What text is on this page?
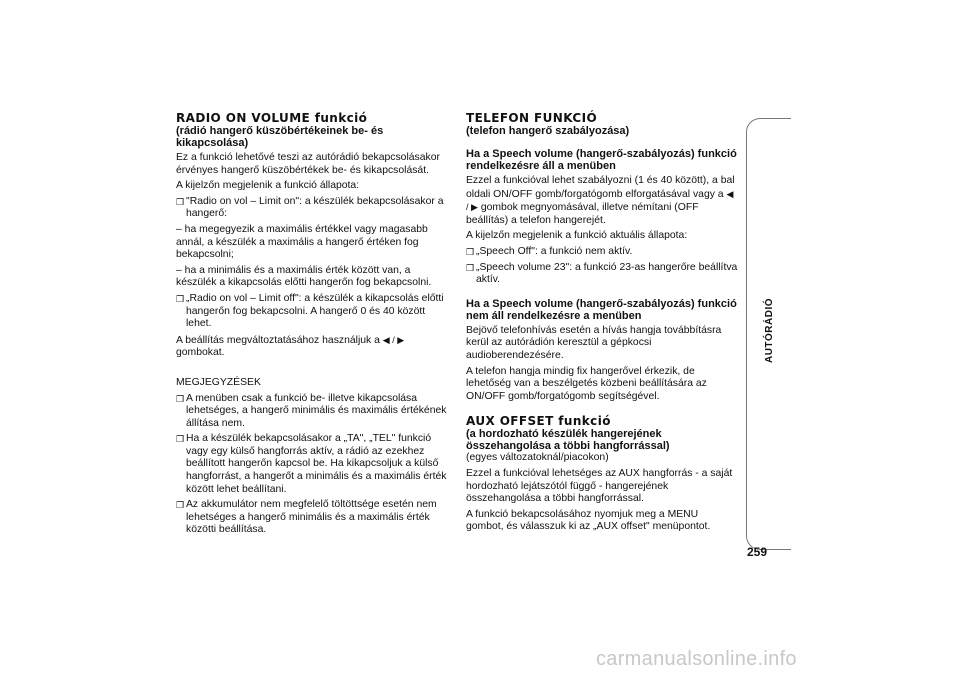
RADIO ON VOLUME funkció
(rádió hangerő küszöbértékeinek be- és
kikapcsolása)

Ez a funkció lehetővé teszi az autórádió bekapcsolásakor érvényes hangerő küszöbértékek be- és kikapcsolását.

A kijelzőn megjelenik a funkció állapota:

❒ "Radio on vol – Limit on": a készülék bekapcsolásakor a hangerő:

– ha megegyezik a maximális értékkel vagy magasabb annál, a készülék a maximális a hangerő értéken fog bekapcsolni;

– ha a minimális és a maximális érték között van, a készülék a kikapcsolás előtti hangerőn fog bekapcsolni.

❒ „Radio on vol – Limit off": a készülék a kikapcsolás előtti hangerőn fog bekapcsolni. A hangerő 0 és 40 között lehet.

A beállítás megváltoztatásához használjuk a ◀ / ▶ gombokat.

MEGJEGYZÉSEK

❒ A menüben csak a funkció be- illetve kikapcsolása lehetséges, a hangerő minimális és maximális értékének állítása nem.
❒ Ha a készülék bekapcsolásakor a „TA", „TEL" funkció vagy egy külső hangforrás aktív, a rádió az ezekhez beállított hangerőn kapcsol be. Ha kikapcsoljuk a külső hangforrást, a hangerőt a minimális és a maximális érték között lehet beállítani.
❒ Az akkumulátor nem megfelelő töltöttsége esetén nem lehetséges a hangerő minimális és a maximális érték közötti beállítása.
TELEFON FUNKCIÓ
(telefon hangerő szabályozása)
Ha a Speech volume (hangerő-szabályozás) funkció rendelkezésre áll a menüben

Ezzel a funkcióval lehet szabályozni (1 és 40 között), a bal oldali ON/OFF gomb/forgatógomb elforgatásával vagy a ◀ / ▶ gombok megnyomásával, illetve némítani (OFF beállítás) a telefon hangerejét.

A kijelzőn megjelenik a funkció aktuális állapota:

❒ „Speech Off": a funkció nem aktív.
❒ „Speech volume 23": a funkció 23-as hangerőre beállítva aktív.
Ha a Speech volume (hangerő-szabályozás) funkció nem áll rendelkezésre a menüben

Bejövő telefonhívás esetén a hívás hangja továbbításra kerül az autórádión keresztül a gépkocsi audioberendezésére.

A telefon hangja mindig fix hangerővel érkezik, de lehetőség van a beszélgetés közbeni beállítására az ON/OFF gomb/forgatógomb segítségével.

AUX OFFSET funkció
(a hordozható készülék hangerejének
összehangolása a többi hangforrással)

(egyes változatoknál/piacokon)

Ezzel a funkcióval lehetséges az AUX hangforrás - a saját hordozható lejátszótól függő - hangerejének összehangolása a többi hangforrással.

A funkció bekapcsolásához nyomjuk meg a MENU gombot, és válasszuk ki az „AUX offset" menüpontot.

AUTÓRÁDIÓ
259
carmanualsonline.info
